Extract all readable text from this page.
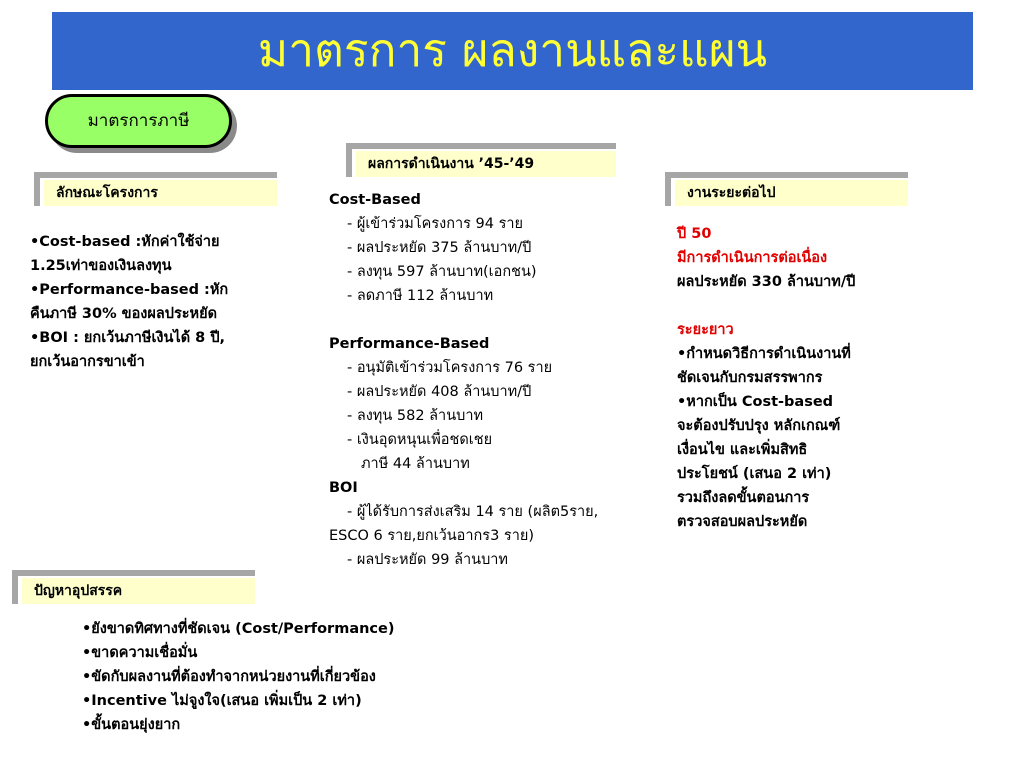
มาตรการ ผลงานและแผน
มาตรการภาษี
ลักษณะโครงการ
ผลการดำเนินงาน ’45-’49
งานระยะต่อไป
ปัญหาอุปสรรค

•Cost-based :หักค่าใช้จ่าย

1.25เท่าของเงินลงทุน

•Performance-based :หัก

คืนภาษี 30% ของผลประหยัด

•BOI : ยกเว้นภาษีเงินได้ 8 ปี,

ยกเว้นอากรขาเข้า

Cost-Based

- ผู้เข้าร่วมโครงการ 94 ราย

- ผลประหยัด 375 ล้านบาท/ปี

- ลงทุน 597 ล้านบาท(เอกชน)

- ลดภาษี 112 ล้านบาท

Performance-Based

- อนุมัติเข้าร่วมโครงการ 76 ราย

- ผลประหยัด 408 ล้านบาท/ปี

- ลงทุน 582 ล้านบาท

- เงินอุดหนุนเพื่อชดเชย

ภาษี 44 ล้านบาท

BOI

- ผู้ได้รับการส่งเสริม 14 ราย (ผลิต5ราย,

ESCO 6 ราย,ยกเว้นอากร3 ราย)

- ผลประหยัด 99 ล้านบาท

ปี 50

มีการดำเนินการต่อเนื่อง

ผลประหยัด 330 ล้านบาท/ปี

ระยะยาว

•กำหนดวิธีการดำเนินงานที่

ชัดเจนกับกรมสรรพากร

•หากเป็น Cost-based

จะต้องปรับปรุง หลักเกณฑ์

เงื่อนไข และเพิ่มสิทธิ

ประโยชน์ (เสนอ 2 เท่า)

รวมถึงลดขั้นตอนการ

ตรวจสอบผลประหยัด

•ยังขาดทิศทางที่ชัดเจน (Cost/Performance)

•ขาดความเชื่อมั่น

•ขัดกับผลงานที่ต้องทำจากหน่วยงานที่เกี่ยวข้อง

•Incentive ไม่จูงใจ(เสนอ เพิ่มเป็น 2 เท่า)

•ขั้นตอนยุ่งยาก
